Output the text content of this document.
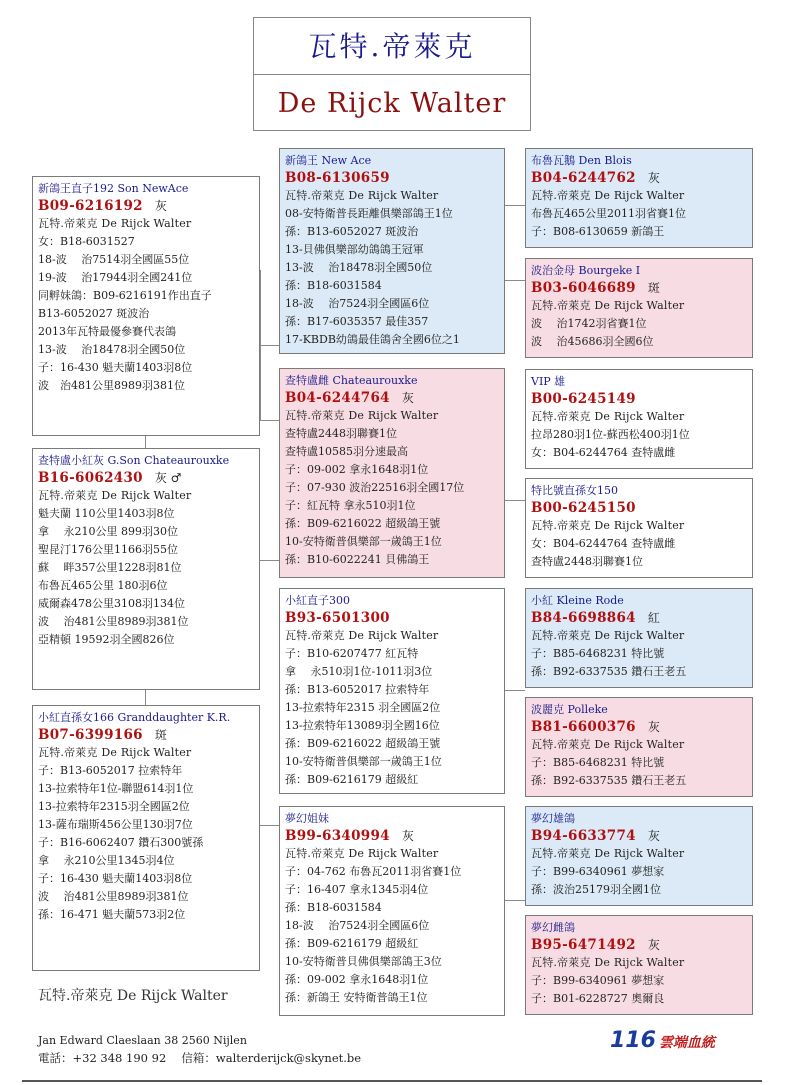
瓦特.帝萊克
De Rijck Walter
新鴿王直子192 Son NewAce
B09-6216192 灰
瓦特.帝萊克 De Rijck Walter
女：B18-6031527
18-波　 治7514羽全國區55位
19-波　 治17944羽全國241位
同孵妹鴿：B09-6216191作出直子
B13-6052027 斑波治
2013年瓦特最優參賽代表鴿
13-波　 治18478羽全國50位
子：16-430 魁夫蘭1403羽8位
波　治481公里8989羽381位
新鴿王 New Ace
B08-6130659
瓦特.帝萊克 De Rijck Walter
08-安特衛普長距離俱樂部鴿王1位
孫：B13-6052027 斑波治
13-貝佛俱樂部幼鴿鴿王冠軍
13-波　 治18478羽全國50位
孫：B18-6031584
18-波　 治7524羽全國區6位
孫：B17-6035357 最佳357
17-KBDB幼鴿最佳鴿舍全國6位之1
查特盧雌 Chateaurouxke
B04-6244764 灰
瓦特.帝萊克 De Rijck Walter
查特盧2448羽聯賽1位
查特盧10585羽分速最高
子：09-002 拿永1648羽1位
子：07-930 波治22516羽全國17位
子：紅瓦特 拿永510羽1位
孫：B09-6216022 超級鴿王號
10-安特衛普俱樂部一歲鴿王1位
孫：B10-6022241 貝佛鴿王
布魯瓦鵝 Den Blois
B04-6244762 灰
瓦特.帝萊克 De Rijck Walter
布魯瓦465公里2011羽省賽1位
子：B08-6130659 新鴿王
波治金母 Bourgeke I
B03-6046689 斑
瓦特.帝萊克 De Rijck Walter
波　 治1742羽省賽1位
波　 治45686羽全國6位
VIP 雄
B00-6245149
瓦特.帝萊克 De Rijck Walter
拉昂280羽1位-蘇西松400羽1位
女：B04-6244764 查特盧雌
特比號直孫女150
B00-6245150
瓦特.帝萊克 De Rijck Walter
女：B04-6244764 查特盧雌
查特盧2448羽聯賽1位
查特盧小紅灰 G.Son Chateaurouxke
B16-6062430 灰 ♂
瓦特.帝萊克 De Rijck Walter
魁夫蘭 110公里1403羽8位
拿　 永210公里 899羽30位
聖昆汀176公里1166羽55位
蘇　 畔357公里1228羽81位
布魯瓦465公里 180羽6位
威爾森478公里3108羽134位
波　 治481公里8989羽381位
亞精頓 19592羽全國826位
小紅直子300
B93-6501300
瓦特.帝萊克 De Rijck Walter
子：B10-6207477 紅瓦特
拿　 永510羽1位-1011羽3位
孫：B13-6052017 拉索特年
13-拉索特年2315 羽全國區2位
13-拉索特年13089羽全國16位
孫：B09-6216022 超級鴿王號
10-安特衛普俱樂部一歲鴿王1位
孫：B09-6216179 超級紅
小紅 Kleine Rode
B84-6698864 紅
瓦特.帝萊克 De Rijck Walter
子：B85-6468231 特比號
孫：B92-6337535 鑽石王老五
波麗克 Polleke
B81-6600376 灰
瓦特.帝萊克 De Rijck Walter
子：B85-6468231 特比號
孫：B92-6337535 鑽石王老五
小紅直孫女166 Granddaughter K.R.
B07-6399166 斑
瓦特.帝萊克 De Rijck Walter
子：B13-6052017 拉索特年
13-拉索特年1位-聯盟614羽1位
13-拉索特年2315羽全國區2位
13-薩布瑞斯456公里130羽7位
子：B16-6062407 鑽石300號孫
拿　 永210公里1345羽4位
子：16-430 魁夫蘭1403羽8位
波　 治481公里8989羽381位
孫：16-471 魁夫蘭573羽2位
夢幻姐妹
B99-6340994 灰
瓦特.帝萊克 De Rijck Walter
子：04-762 布魯瓦2011羽省賽1位
子：16-407 拿永1345羽4位
孫：B18-6031584
18-波　 治7524羽全國區6位
孫：B09-6216179 超級紅
10-安特衛普貝佛俱樂部鴿王3位
孫：09-002 拿永1648羽1位
孫：新鴿王 安特衛普鴿王1位
夢幻雄鴿
B94-6633774 灰
瓦特.帝萊克 De Rijck Walter
子：B99-6340961 夢想家
孫：波治25179羽全國1位
夢幻雌鴿
B95-6471492 灰
瓦特.帝萊克 De Rijck Walter
子：B99-6340961 夢想家
子：B01-6228727 奧爾良
瓦特.帝萊克 De Rijck Walter
Jan Edward Claeslaan 38 2560 Nijlen
電話：+32 348 190 92　 信箱：walterderijck@skynet.be
116 雲端血統
